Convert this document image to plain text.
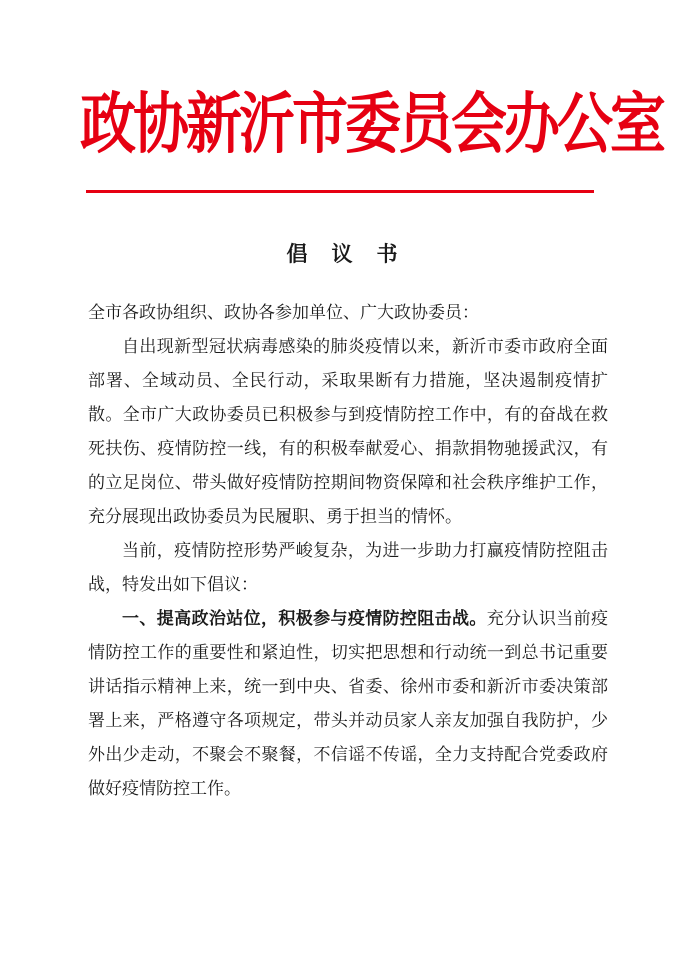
政协新沂市委员会办公室
倡议书

全市各政协组织、政协各参加单位、广大政协委员：

自出现新型冠状病毒感染的肺炎疫情以来，新沂市委市政府全面部署、全域动员、全民行动，采取果断有力措施，坚决遏制疫情扩散。全市广大政协委员已积极参与到疫情防控工作中，有的奋战在救死扶伤、疫情防控一线，有的积极奉献爱心、捐款捐物驰援武汉，有的立足岗位、带头做好疫情防控期间物资保障和社会秩序维护工作，充分展现出政协委员为民履职、勇于担当的情怀。

当前，疫情防控形势严峻复杂，为进一步助力打赢疫情防控阻击战，特发出如下倡议：

一、提高政治站位，积极参与疫情防控阻击战。充分认识当前疫情防控工作的重要性和紧迫性，切实把思想和行动统一到总书记重要讲话指示精神上来，统一到中央、省委、徐州市委和新沂市委决策部署上来，严格遵守各项规定，带头并动员家人亲友加强自我防护，少外出少走动，不聚会不聚餐，不信谣不传谣，全力支持配合党委政府做好疫情防控工作。
